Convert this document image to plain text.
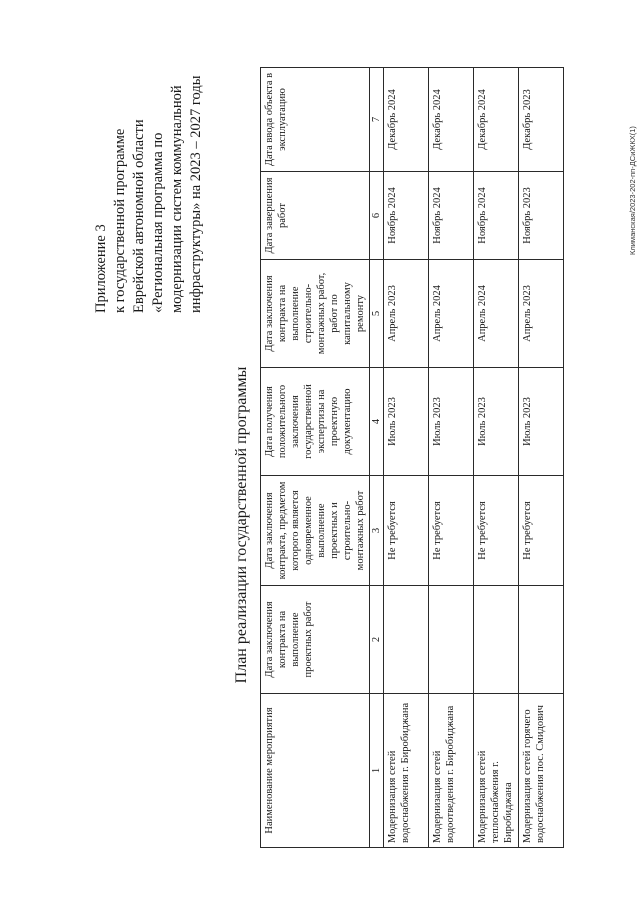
Приложение 3 к государственной программе Еврейской автономной области «Региональная программа по модернизации систем коммунальной инфраструктуры» на 2023 – 2027 годы
План реализации государственной программы
Наименование мероприятия	Дата заключения контракта на выполнение проектных работ	Дата заключения контракта, предметом которого является одновременное выполнение проектных и строительно-монтажных работ	Дата получения положительного заключения государственной экспертизы на проектную документацию	Дата заключения контракта на выполнение строительно-монтажных работ, работ по капитальному ремонту	Дата завершения работ	Дата ввода объекта в эксплуатацию
1	2	3	4	5	6	7
Модернизация сетей водоснабжения г. Биробиджана		Не требуется	Июль 2023	Апрель 2023	Ноябрь 2024	Декабрь 2024
Модернизация сетей водоотведения г. Биробиджана		Не требуется	Июль 2023	Апрель 2024	Ноябрь 2024	Декабрь 2024
Модернизация сетей теплоснабжения г. Биробиджана		Не требуется	Июль 2023	Апрель 2024	Ноябрь 2024	Декабрь 2024
Модернизация сетей горячего водоснабжения пос. Смидович		Не требуется	Июль 2023	Апрель 2023	Ноябрь 2023	Декабрь 2023
Климанская/2023-202-пп-ДСиЖКХ(1)
